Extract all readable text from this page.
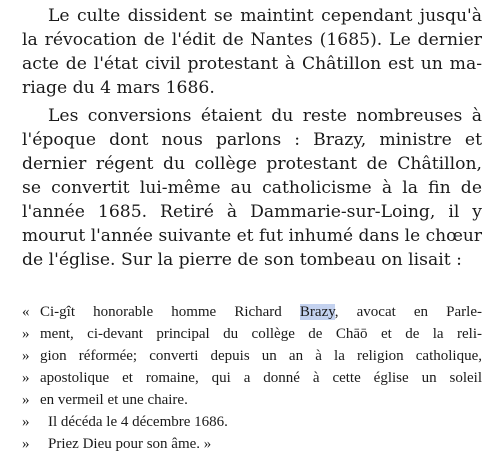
Le culte dissident se maintint cependant jusqu'à
la révocation de l'édit de Nantes (1685). Le dernier
acte de l'état civil protestant à Châtillon est un ma-
riage du 4 mars 1686.
Les conversions étaient du reste nombreuses à
l'époque dont nous parlons : Brazy, ministre et
dernier régent du collège protestant de Châtillon,
se convertit lui-même au catholicisme à la fin de
l'année 1685. Retiré à Dammarie-sur-Loing, il y
mourut l'année suivante et fut inhumé dans le chœur
de l'église. Sur la pierre de son tombeau on lisait :
«
»
»
»
»
»
»
Ci-gît honorable homme Richard Brazy, avocat en Parle-
ment, ci-devant principal du collège de Chāō et de la reli-
gion réformée; converti depuis un an à la religion catholique,
apostolique et romaine, qui a donné à cette église un soleil
en vermeil et une chaire.
Il décéda le 4 décembre 1686.
Priez Dieu pour son âme. »
